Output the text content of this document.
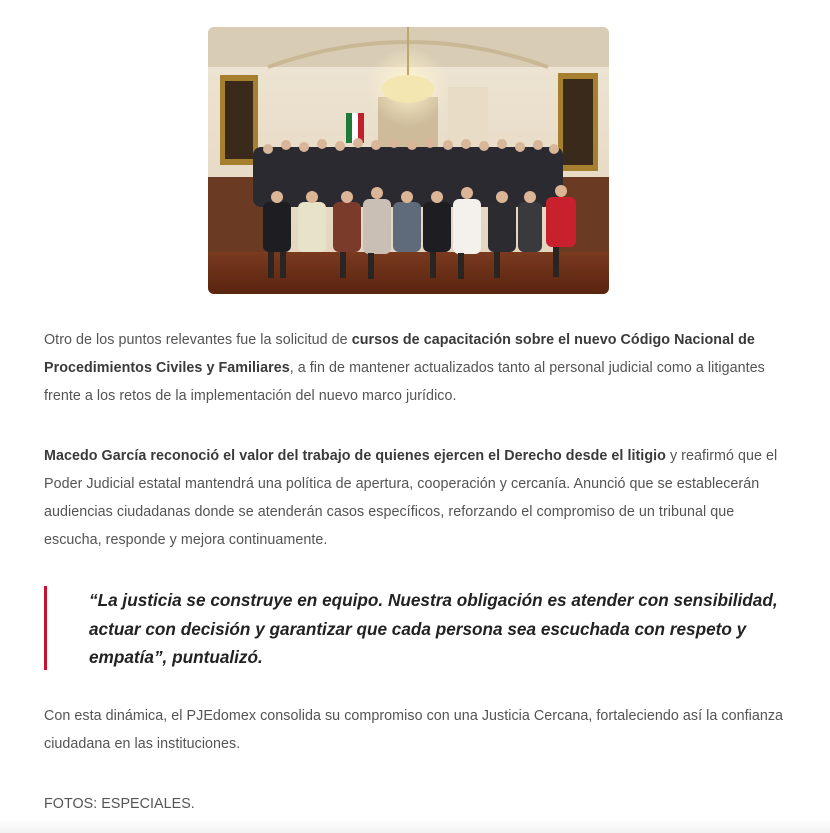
Otro de los puntos relevantes fue la solicitud de cursos de capacitación sobre el nuevo Código Nacional de Procedimientos Civiles y Familiares, a fin de mantener actualizados tanto al personal judicial como a litigantes frente a los retos de la implementación del nuevo marco jurídico.

Macedo García reconoció el valor del trabajo de quienes ejercen el Derecho desde el litigio y reafirmó que el Poder Judicial estatal mantendrá una política de apertura, cooperación y cercanía. Anunció que se establecerán audiencias ciudadanas donde se atenderán casos específicos, reforzando el compromiso de un tribunal que escucha, responde y mejora continuamente.

“La justicia se construye en equipo. Nuestra obligación es atender con sensibilidad, actuar con decisión y garantizar que cada persona sea escuchada con respeto y empatía”, puntualizó.

Con esta dinámica, el PJEdomex consolida su compromiso con una Justicia Cercana, fortaleciendo así la confianza ciudadana en las instituciones.

FOTOS: ESPECIALES.
